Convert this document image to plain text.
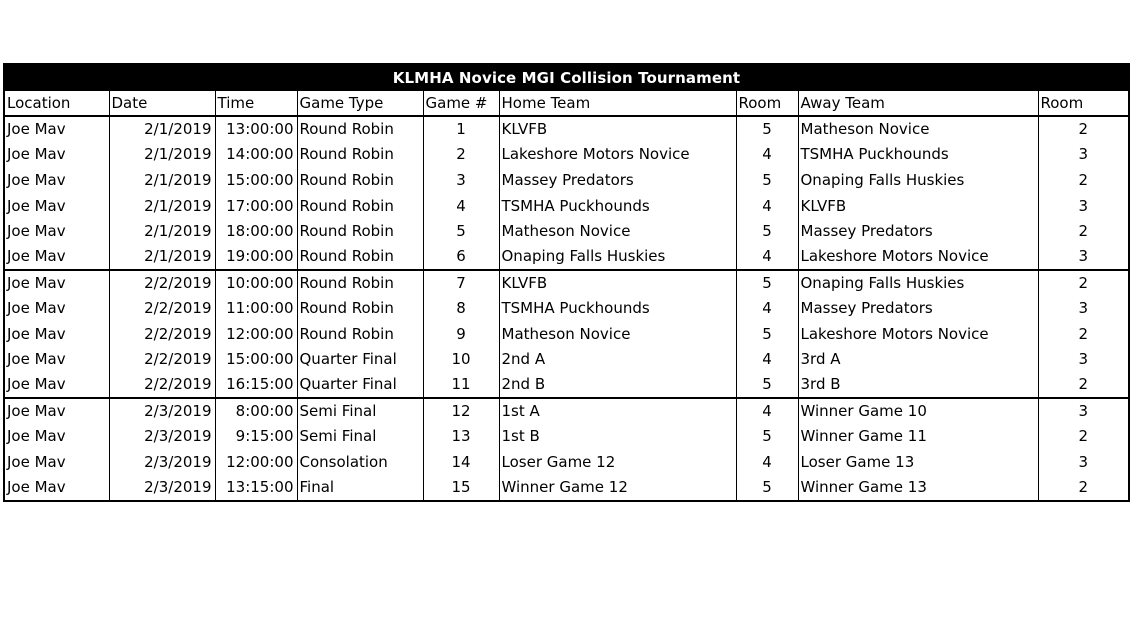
KLMHA Novice MGI Collision Tournament
Location	Date	Time	Game Type	Game #	Home Team	Room	Away Team	Room
Joe Mav	2/1/2019	13:00:00	Round Robin	1	KLVFB	5	Matheson Novice	2
Joe Mav	2/1/2019	14:00:00	Round Robin	2	Lakeshore Motors Novice	4	TSMHA Puckhounds	3
Joe Mav	2/1/2019	15:00:00	Round Robin	3	Massey Predators	5	Onaping Falls Huskies	2
Joe Mav	2/1/2019	17:00:00	Round Robin	4	TSMHA Puckhounds	4	KLVFB	3
Joe Mav	2/1/2019	18:00:00	Round Robin	5	Matheson Novice	5	Massey Predators	2
Joe Mav	2/1/2019	19:00:00	Round Robin	6	Onaping Falls Huskies	4	Lakeshore Motors Novice	3
Joe Mav	2/2/2019	10:00:00	Round Robin	7	KLVFB	5	Onaping Falls Huskies	2
Joe Mav	2/2/2019	11:00:00	Round Robin	8	TSMHA Puckhounds	4	Massey Predators	3
Joe Mav	2/2/2019	12:00:00	Round Robin	9	Matheson Novice	5	Lakeshore Motors Novice	2
Joe Mav	2/2/2019	15:00:00	Quarter Final	10	2nd A	4	3rd A	3
Joe Mav	2/2/2019	16:15:00	Quarter Final	11	2nd B	5	3rd B	2
Joe Mav	2/3/2019	8:00:00	Semi Final	12	1st A	4	Winner Game 10	3
Joe Mav	2/3/2019	9:15:00	Semi Final	13	1st B	5	Winner Game 11	2
Joe Mav	2/3/2019	12:00:00	Consolation	14	Loser Game 12	4	Loser Game 13	3
Joe Mav	2/3/2019	13:15:00	Final	15	Winner Game 12	5	Winner Game 13	2
